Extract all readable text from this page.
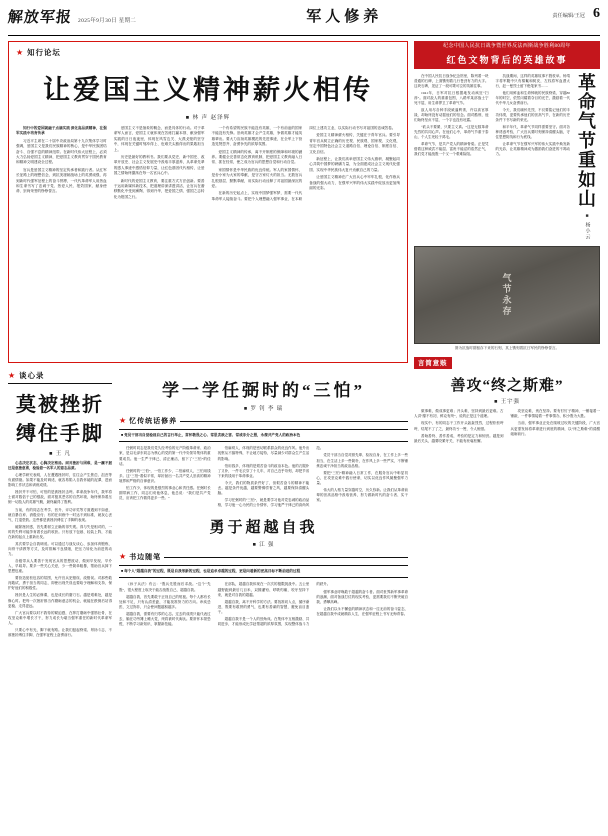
解放军报 2025年9月30日 星期二	军人修养	责任编辑/王冠 6
★ 知行论坛
让爱国主义精神薪火相传
■ 林 声 赵泽辉

知行中的爱国就融于点滴实践 深化高品质精神，在强军实践中培育传承

习近平主席在二十届中央政治局第十九次集体学习时强调，爱国主义是我们民族精神的核心，是中华民族团结奋斗、自强不息的精神纽带。在新时代伟大征程上，必须大力弘扬爱国主义精神，把爱国主义教育贯穿于国民教育和精神文明建设全过程。

官兵是爱国主义精神的坚定传承者和践行者。从红军长征路上的理想信念，到抗美援朝战场上的英勇顽强，再到新时代强军征程上的奋斗拼搏，一代代革命军人用热血和生命书写了忠诚于党、热爱人民、报效国家、献身使命、崇尚荣誉的铮铮誓言。

爱国主义不是抽象的概念，而是具体的行动。对于革命军人而言，爱国主义就体现在苦练打赢本领、献身强军实践的日日夜夜里，体现在风雪边关、大漠戈壁的坚守中，体现在关键时刻冲得上、危难关头豁得出的果敢担当上。

历史是最好的教科书。我们要从党史、新中国史、改革开放史、社会主义发展史中汲取丰厚滋养，从革命先辈的感人事迹中感悟信仰力量，让红色基因代代相传，让爱国之情始终激荡在每一名官兵心中。

新时代的爱国主义教育，要注重方式方法创新。要善于运用新媒体新技术，把道理讲深讲透讲活，让官兵在潜移默化中受到熏陶、得到升华，把爱国之情、强国之志转化为报国之行。

一个有希望的民族不能没有英雄，一个有前途的国家不能没有先锋。崇尚英雄才会产生英雄，争做英雄才能英雄辈出。要大力宣扬英雄模范的先进事迹，在全军上下营造见贤思齐、奋勇争先的浓厚氛围。

爱国主义精神的传承，离不开制度的保障和环境的涵养。要健全完善常态化教育机制，把爱国主义教育融入日常、抓在经常，使之成为官兵的思想自觉和行动自觉。

家国情怀是中华民族的优良传统。军人的家国情怀，是舍小家为大家的奉献，是守万家灯火的担当。无数官兵扎根基层、默默奉献，用实际行动诠释了对祖国最深沉的爱。

在新的历史起点上，实现中国梦强军梦，需要一代代革命军人接续奋斗。要把个人理想融入强军事业，在本职岗位上建功立业，以实际行动书写对祖国的忠诚答卷。

爱国主义精神薪火相传，关键在于青年官兵。要引导青年官兵树立正确的历史观、民族观、国家观、文化观，坚定中国特色社会主义道路自信、理论自信、制度自信、文化自信。

新征程上，让我们高举爱国主义伟大旗帜，凝聚起同心共筑中国梦的磅礴力量，为全面建成社会主义现代化强国、实现中华民族伟大复兴贡献自己的力量。

让爱国主义精神在广大官兵心中牢牢扎根，化作练兵备战的强大动力，在强军兴军的伟大实践中绽放出更加绚丽的光彩。

★ 谈心录
莫被挫折缚住手脚
■ 王 凡

心态决定状态，心胸决定格局。面对挫折与困难，是一蹶不振还是愈挫愈勇，检验着一名军人的意志品质。

心理学研究表明，人在遭遇挫折时，往往会产生焦虑、沮丧等负面情绪。如果不能及时调适，就容易陷入自我怀疑的泥潭，进而影响工作状态和训练成绩。

挫折并不可怕，可怕的是被挫折击垮。革命战争年代，我军将士面对数倍于己的强敌，面对极其恶劣的自然环境，始终保持着压倒一切敌人的英雄气概，最终赢得了胜利。

当前，有的同志在考学、晋升、评功评奖等方面遇到不如意，就自暴自弃、消极应付；有的在训练中一时达不到标准，就灰心丧气、打退堂鼓。这些都是被挫折缚住了手脚的表现。

破除挫折感，首先要树立正确的得失观。得与失是相对的，一时的失利可能孕育着长远的收获。只有放下包袱、轻装上阵，才能在新的起点上重新出发。

其次要学会自我调适。可以通过与战友谈心、参加体育锻炼、向骨干请教等方式，及时排解不良情绪，把压力转化为前进的动力。

各级带兵人要善于发现官兵的思想波动，做到早发现、早介入、早疏导。要多一些关心关爱，少一些简单粗暴，帮助官兵卸下思想包袱。

要营造宽松包容的氛围，允许官兵犯错误、改错误。对那些敢闯敢试、勇于担当的同志，即使出现失误也要给予理解和支持，保护好他们的积极性。

挫折是人生的必修课，也是成长的磨刀石。越是艰难处，越是修心时。把每一次挫折都当作磨砺意志的机会，就能在跌倒后站得更稳、走得更远。

广大官兵要以时不我待的紧迫感，在摔打磨砺中强筋壮骨，在攻坚克难中增长才干，努力成长为堪当强军重任的新时代革命军人。

只要心中有光，脚下就有路。让我们挺起脊梁、昂扬斗志，不被挫折缚住手脚，在强军征程上奋勇前行。

学一学任弼时的“三怕”
■ 罗 钊 李 瑞
★ 忆传统话修养

■ 党员干部当自觉检视自己的言行举止，常怀敬畏之心、常思贪欲之害、常戒非分之想，永葆共产党人的政治本色

任弼时同志是我们党久经考验的无产阶级革命家、政治家，是以毛泽东同志为核心的党的第一代中央领导集体的重要成员。他一生严于律己、清正廉洁，留下了“三怕”的佳话。

任弼时的“三怕”，一怕工作少，二怕麻烦人，三怕用钱多。这“三怕”看似平常，却折射出一名共产党人崇高的精神境界和严格的自律意识。

怕工作少，体现的是强烈的事业心和责任感。任弼时长期带病工作，同志们劝他休息，他总说：“我们是共产党员，应该把工作做得更多一些。”

怕麻烦人，体现的是密切联系群众的优良作风。他外出视察从不搞特殊，不让地方接待，尽量减少对群众生产生活的影响。

怕用钱多，体现的是艰苦奋斗的政治本色。他的衣服补了又补，一件毛衣穿了十几年，对自己近乎苛刻，却把节省下来的钱用于革命事业。

今天，我们的物质条件好了，但艰苦奋斗的精神不能丢。越是条件优越，越要警惕骄奢之风，越要保持清醒头脑。

学习任弼时的“三怕”，就是要学习他对党忠诚的政治品格，学习他一心为民的公仆情怀，学习他严于律己的高尚风范。

党员干部当自觉对照先辈、检视自身，在工作上多一些担当，在生活上多一些简朴，在作风上多一些严实，不断锤炼忠诚干净担当的政治品格。

要把“三怕”精神融入日常工作，在服务官兵中彰显初心，在攻坚克难中践行使命，切实以优良作风凝聚强军力量。

伟大的人格力量穿越时空，历久弥新。让我们从革命前辈的崇高品格中汲取营养，努力做新时代的奋斗者、实干家。

勇于超越自我
■ 江 强
★ 书边随笔

■ 每个人“超越自我”的过程，既是自我革新的过程，也是追求卓越的过程，更是向着新的更高目标不断前进的过程

《孙子兵法》有云：“胜兵先胜而后求战。”这个“先胜”，很大程度上取决于能否战胜自己、超越自我。

超越自我，首先要敢于正视自己的短板。每个人都有长处和不足，只有认清差距，才能找准努力的方向。讳疾忌医、文过饰非，只会使问题越积越多。

超越自我，需要有归零的心态。过去的成绩只能代表过去，躺在功劳簿上睡大觉，终将被时代淘汰。要常怀本领恐慌，不断学习新知识、掌握新技能。

在部队，超越自我体现在一次次的极限挑战中。五公里越野跑到最后几百米，双腿灌铅、呼吸灼痛，咬牙坚持下来，就是对自我的超越。

超越自我，离不开科学的方法。要找准切入点，循序渐进，既要有敢拼的勇气，也要有善谋的智慧，避免盲目蛮干。

超越自我不是一个人的独角戏。在集体中互相激励、共同进步，才能形成比学赶帮超的浓厚氛围，实现整体战斗力的跃升。

强军事业呼唤敢于超越的奋斗者。面对世界新军事革命的浪潮，面对备战打仗的现实考验，更需要我们不断突破自我、勇攀高峰。

让我们以永不懈怠的精神状态和一往无前的奋斗姿态，在超越自我中成就精彩人生，在强军征程上书写无悔青春。

纪念中国人民抗日战争暨世界反法西斯战争胜利80周年
红色文物背后的英雄故事

在中国人民抗日战争纪念馆里，陈列着一块普通的石碑，上面镌刻着几行苍劲有力的大字。这块石碑，见证了一段可歌可泣的英雄往事。

1941年，日军对抗日根据地发动疯狂“扫荡”。面对敌人的重重包围，八路军某部战士宁死不屈，用生命捍卫了革命气节。

敌人用尽各种手段威逼利诱，许以高官厚禄，却始终没有动摇他们的信念。面对酷刑，他们始终坚贞不屈，一个字也没有吐露。

“砍头不要紧，只要主义真。”这是无数革命先烈的共同心声。在他们心中，革命气节重于泰山，个人生死轻于鸿毛。

革命气节，是共产党人的精神脊梁。正是凭借着这种威武不能屈、富贵不能淫的浩然正气，我们党才能战胜一个又一个艰难险阻。

抗战期间，这样的英雄故事不胜枚举。杨靖宇将军腹中只有棉絮和树皮，左权将军血洒太行，赵一曼烈士留下绝笔家书……

他们用鲜血和生命铸就的民族脊梁，穿越80年的时空，依然闪耀着夺目的光芒，激励着一代代中华儿女奋勇前行。

今天，我们缅怀先烈，不仅要铭记他们的丰功伟绩，更要传承他们的崇高气节，在新的历史条件下书写新的荣光。

和平年代，革命气节同样需要坚守。面对各种诱惑考验，广大官兵要时刻保持清醒头脑，守住思想防线和行为底线。

让革命气节在强军兴军的伟大实践中焕发新的光彩，让英雄精神成为激励我们奋进的不竭动力。

革命气节重如山
■ 杨小云
气节永存
图为抗战时期留存下来的石刻，其上镌刻着抗日军民的铮铮誓言。
言简意赅
善攻“终之斯难”
■ 王宇强

做事难，做成事更难；开头难，坚持到最后更难。古人讲“靡不有初，鲜克有终”，说的正是这个道理。

现实中，有的同志干工作开头轰轰烈烈，过程松松垮垮，结尾不了了之，最终功亏一篑，令人惋惜。

善始善终、善作善成，考验的是定力和韧劲。越是到最后关头，越要咬紧牙关，不能有丝毫松懈。

攻坚克难，贵在坚持。要有钉钉子精神，一锤接着一锤敲，一件事情接着一件事情办，积小胜为大胜。

当前，强军事业正处在爬坡过坎的关键阶段，广大官兵更需发扬将革命进行到底的精神，以“终之斯难”的清醒砥砺前行。
